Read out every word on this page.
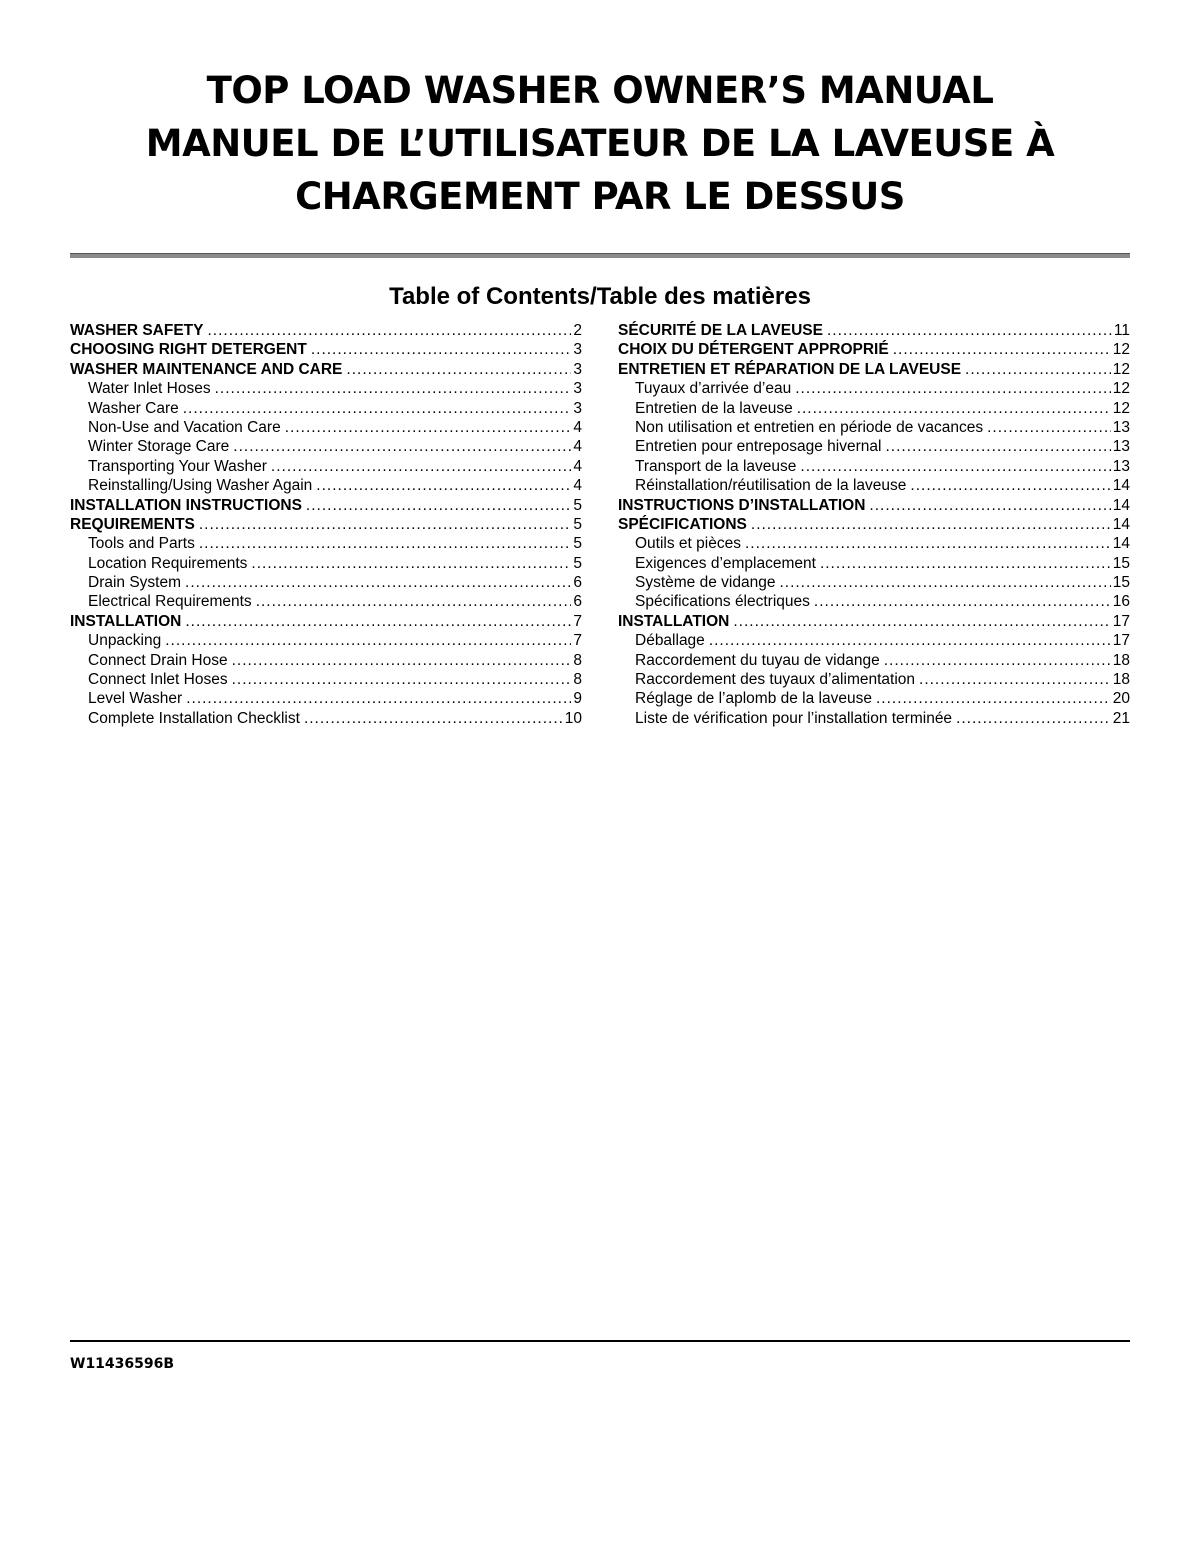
TOP LOAD WASHER OWNER’S MANUAL
MANUEL DE L’UTILISATEUR DE LA LAVEUSE À
CHARGEMENT PAR LE DESSUS
Table of Contents/Table des matières
WASHER SAFETY .....	2
CHOOSING RIGHT DETERGENT .....	3
WASHER MAINTENANCE AND CARE .....	3
Water Inlet Hoses .....	3
Washer Care .....	3
Non-Use and Vacation Care .....	4
Winter Storage Care .....	4
Transporting Your Washer .....	4
Reinstalling/Using Washer Again .....	4
INSTALLATION INSTRUCTIONS .....	5
REQUIREMENTS .....	5
Tools and Parts .....	5
Location Requirements .....	5
Drain System .....	6
Electrical Requirements .....	6
INSTALLATION .....	7
Unpacking .....	7
Connect Drain Hose .....	8
Connect Inlet Hoses .....	8
Level Washer .....	9
Complete Installation Checklist .....	10
SÉCURITÉ DE LA LAVEUSE .....	11
CHOIX DU DÉTERGENT APPROPRIÉ .....	12
ENTRETIEN ET RÉPARATION DE LA LAVEUSE .....	12
Tuyaux d’arrivée d’eau .....	12
Entretien de la laveuse .....	12
Non utilisation et entretien en période de vacances .....	13
Entretien pour entreposage hivernal .....	13
Transport de la laveuse .....	13
Réinstallation/réutilisation de la laveuse .....	14
INSTRUCTIONS D’INSTALLATION .....	14
SPÉCIFICATIONS .....	14
Outils et pièces .....	14
Exigences d’emplacement .....	15
Système de vidange .....	15
Spécifications électriques .....	16
INSTALLATION .....	17
Déballage .....	17
Raccordement du tuyau de vidange .....	18
Raccordement des tuyaux d’alimentation .....	18
Réglage de l’aplomb de la laveuse .....	20
Liste de vérification pour l’installation terminée .....	21
W11436596B
